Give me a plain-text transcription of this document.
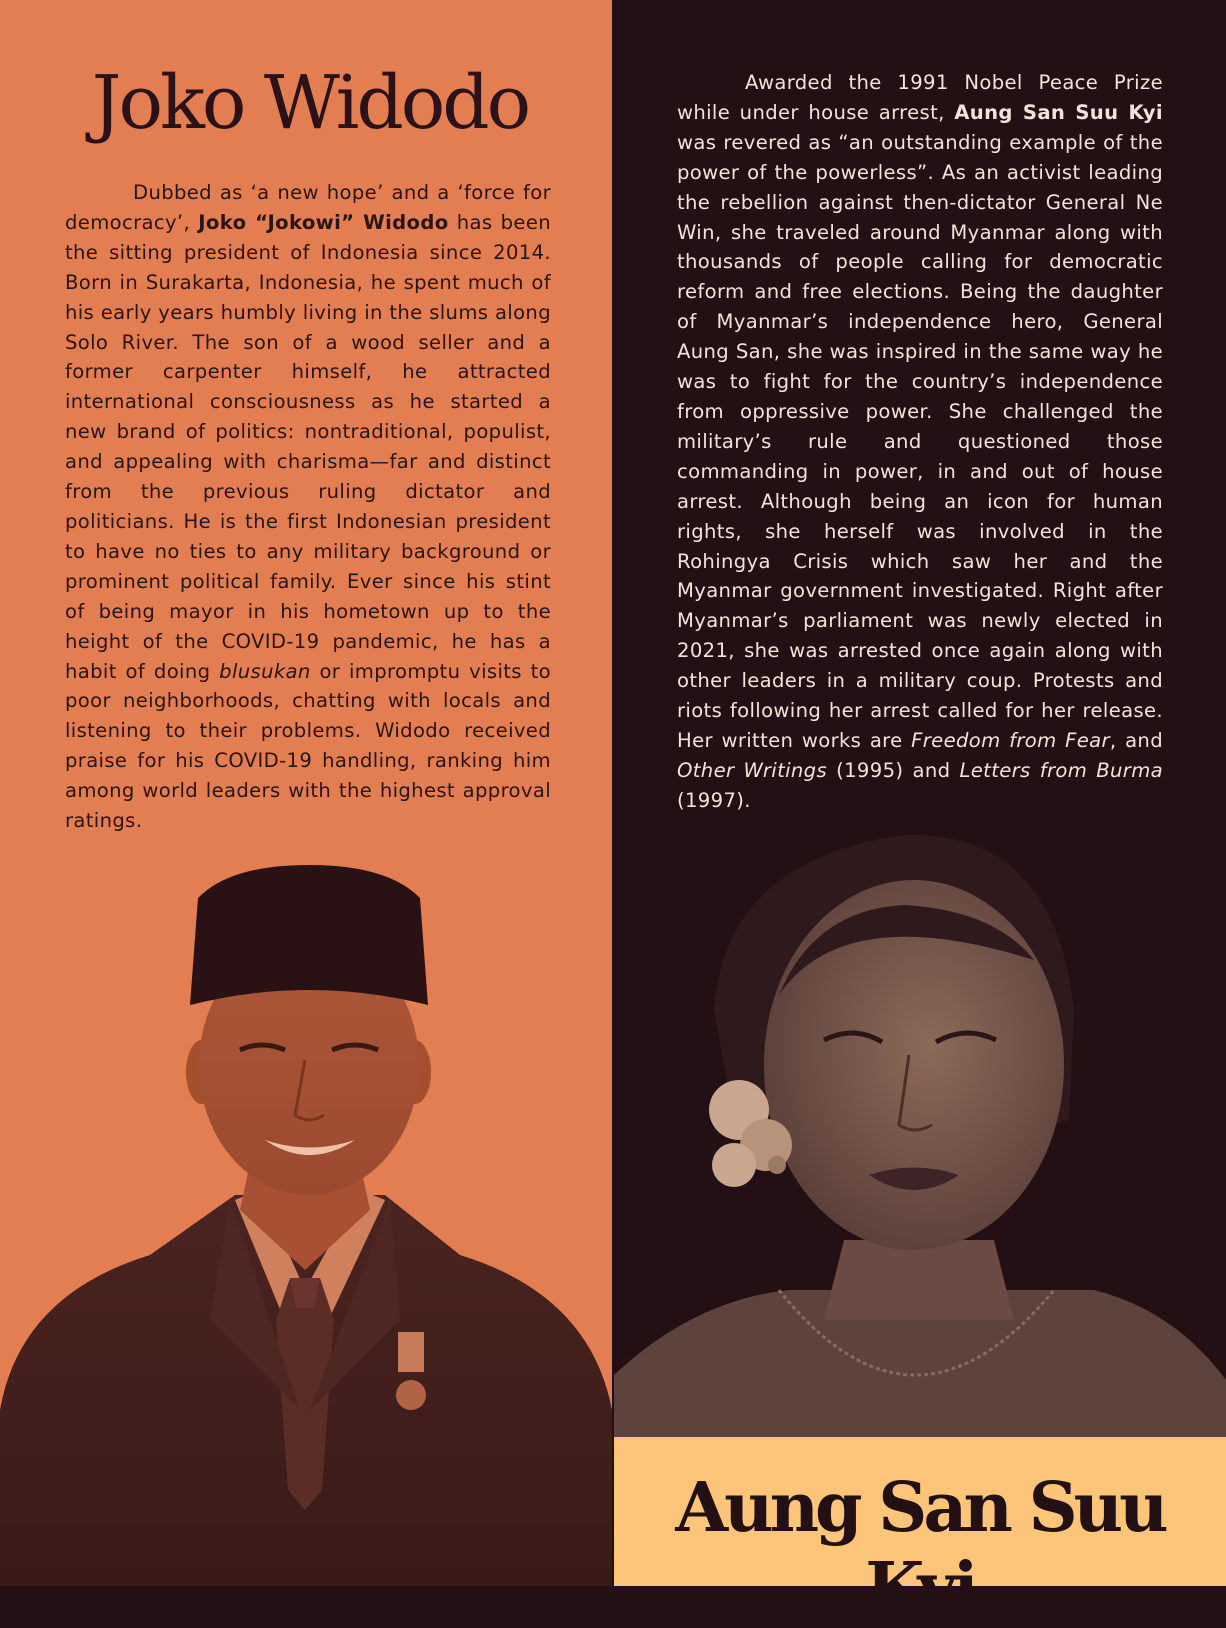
Joko Widodo

Dubbed as ‘a new hope’ and a ‘force for democracy’, Joko “Jokowi” Widodo has been the sitting president of Indonesia since 2014. Born in Surakarta, Indonesia, he spent much of his early years humbly living in the slums along Solo River. The son of a wood seller and a former carpenter himself, he attracted international consciousness as he started a new brand of politics: nontraditional, populist, and appealing with charisma—far and distinct from the previous ruling dictator and politicians. He is the first Indonesian president to have no ties to any military background or prominent political family. Ever since his stint of being mayor in his hometown up to the height of the COVID-19 pandemic, he has a habit of doing blusukan or impromptu visits to poor neighborhoods, chatting with locals and listening to their problems. Widodo received praise for his COVID-19 handling, ranking him among world leaders with the highest approval ratings.

Awarded the 1991 Nobel Peace Prize while under house arrest, Aung San Suu Kyi was revered as “an outstanding example of the power of the powerless”. As an activist leading the rebellion against then-dictator General Ne Win, she traveled around Myanmar along with thousands of people calling for democratic reform and free elections. Being the daughter of Myanmar’s independence hero, General Aung San, she was inspired in the same way he was to fight for the country’s independence from oppressive power. She challenged the military’s rule and questioned those commanding in power, in and out of house arrest. Although being an icon for human rights, she herself was involved in the Rohingya Crisis which saw her and the Myanmar government investigated. Right after Myanmar’s parliament was newly elected in 2021, she was arrested once again along with other leaders in a military coup. Protests and riots following her arrest called for her release. Her written works are Freedom from Fear, and Other Writings (1995) and Letters from Burma (1997).

Aung San Suu Kyi
